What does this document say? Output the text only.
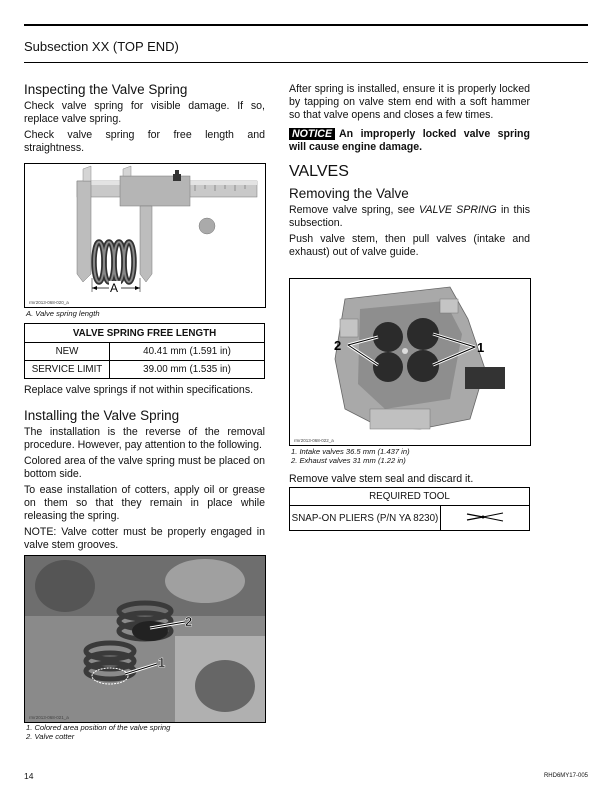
Subsection XX (TOP END)
Inspecting the Valve Spring

Check valve spring for visible damage. If so, replace valve spring.

Check valve spring for free length and straightness.

A
rmr2013-068-020_a
A. Valve spring length
VALVE SPRING FREE LENGTH	
NEW	40.41 mm (1.591 in)
SERVICE LIMIT	39.00 mm (1.535 in)

Replace valve springs if not within specifications.

Installing the Valve Spring

The installation is the reverse of the removal procedure. However, pay attention to the following.

Colored area of the valve spring must be placed on bottom side.

To ease installation of cotters, apply oil or grease on them so that they remain in place while releasing the spring.

NOTE: Valve cotter must be properly engaged in valve stem grooves.

2
1
rmr2013-068-021_a
1. Colored area position of the valve spring
2. Valve cotter

After spring is installed, ensure it is properly locked by tapping on valve stem end with a soft hammer so that valve opens and closes a few times.

NOTICE An improperly locked valve spring will cause engine damage.

VALVES
Removing the Valve

Remove valve spring, see VALVE SPRING in this subsection.

Push valve stem, then pull valves (intake and exhaust) out of valve guide.

2	1
rmr2013-068-022_a
1. Intake valves 36.5 mm (1.437 in)
2. Exhaust valves 31 mm (1.22 in)

Remove valve stem seal and discard it.

REQUIRED TOOL
SNAP-ON PLIERS (P/N YA 8230)	
14	RHD6MY17-005
